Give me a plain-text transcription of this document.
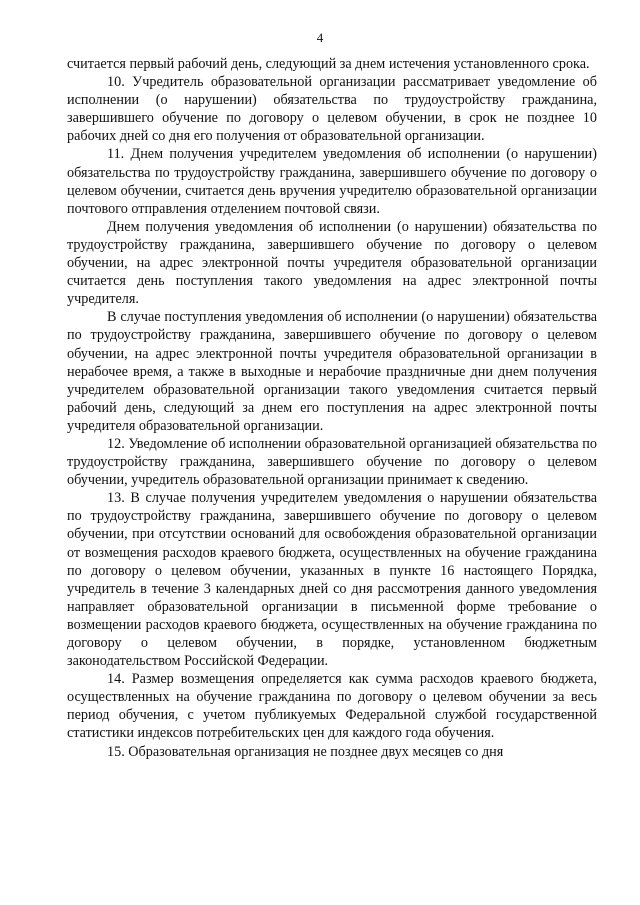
4

считается первый рабочий день, следующий за днем истечения установленного срока.

10. Учредитель образовательной организации рассматривает уведомление об исполнении (о нарушении) обязательства по трудоустройству гражданина, завершившего обучение по договору о целевом обучении, в срок не позднее 10 рабочих дней со дня его получения от образовательной организации.

11. Днем получения учредителем уведомления об исполнении (о нарушении) обязательства по трудоустройству гражданина, завершившего обучение по договору о целевом обучении, считается день вручения учредителю образовательной организации почтового отправления отделением почтовой связи.

Днем получения уведомления об исполнении (о нарушении) обязательства по трудоустройству гражданина, завершившего обучение по договору о целевом обучении, на адрес электронной почты учредителя образовательной организации считается день поступления такого уведомления на адрес электронной почты учредителя.

В случае поступления уведомления об исполнении (о нарушении) обязательства по трудоустройству гражданина, завершившего обучение по договору о целевом обучении, на адрес электронной почты учредителя образовательной организации в нерабочее время, а также в выходные и нерабочие праздничные дни днем получения учредителем образовательной организации такого уведомления считается первый рабочий день, следующий за днем его поступления на адрес электронной почты учредителя образовательной организации.

12. Уведомление об исполнении образовательной организацией обязательства по трудоустройству гражданина, завершившего обучение по договору о целевом обучении, учредитель образовательной организации принимает к сведению.

13. В случае получения учредителем уведомления о нарушении обязательства по трудоустройству гражданина, завершившего обучение по договору о целевом обучении, при отсутствии оснований для освобождения образовательной организации от возмещения расходов краевого бюджета, осуществленных на обучение гражданина по договору о целевом обучении, указанных в пункте 16 настоящего Порядка, учредитель в течение 3 календарных дней со дня рассмотрения данного уведомления направляет образовательной организации в письменной форме требование о возмещении расходов краевого бюджета, осуществленных на обучение гражданина по договору о целевом обучении, в порядке, установленном бюджетным законодательством Российской Федерации.

14. Размер возмещения определяется как сумма расходов краевого бюджета, осуществленных на обучение гражданина по договору о целевом обучении за весь период обучения, с учетом публикуемых Федеральной службой государственной статистики индексов потребительских цен для каждого года обучения.

15. Образовательная организация не позднее двух месяцев со дня
